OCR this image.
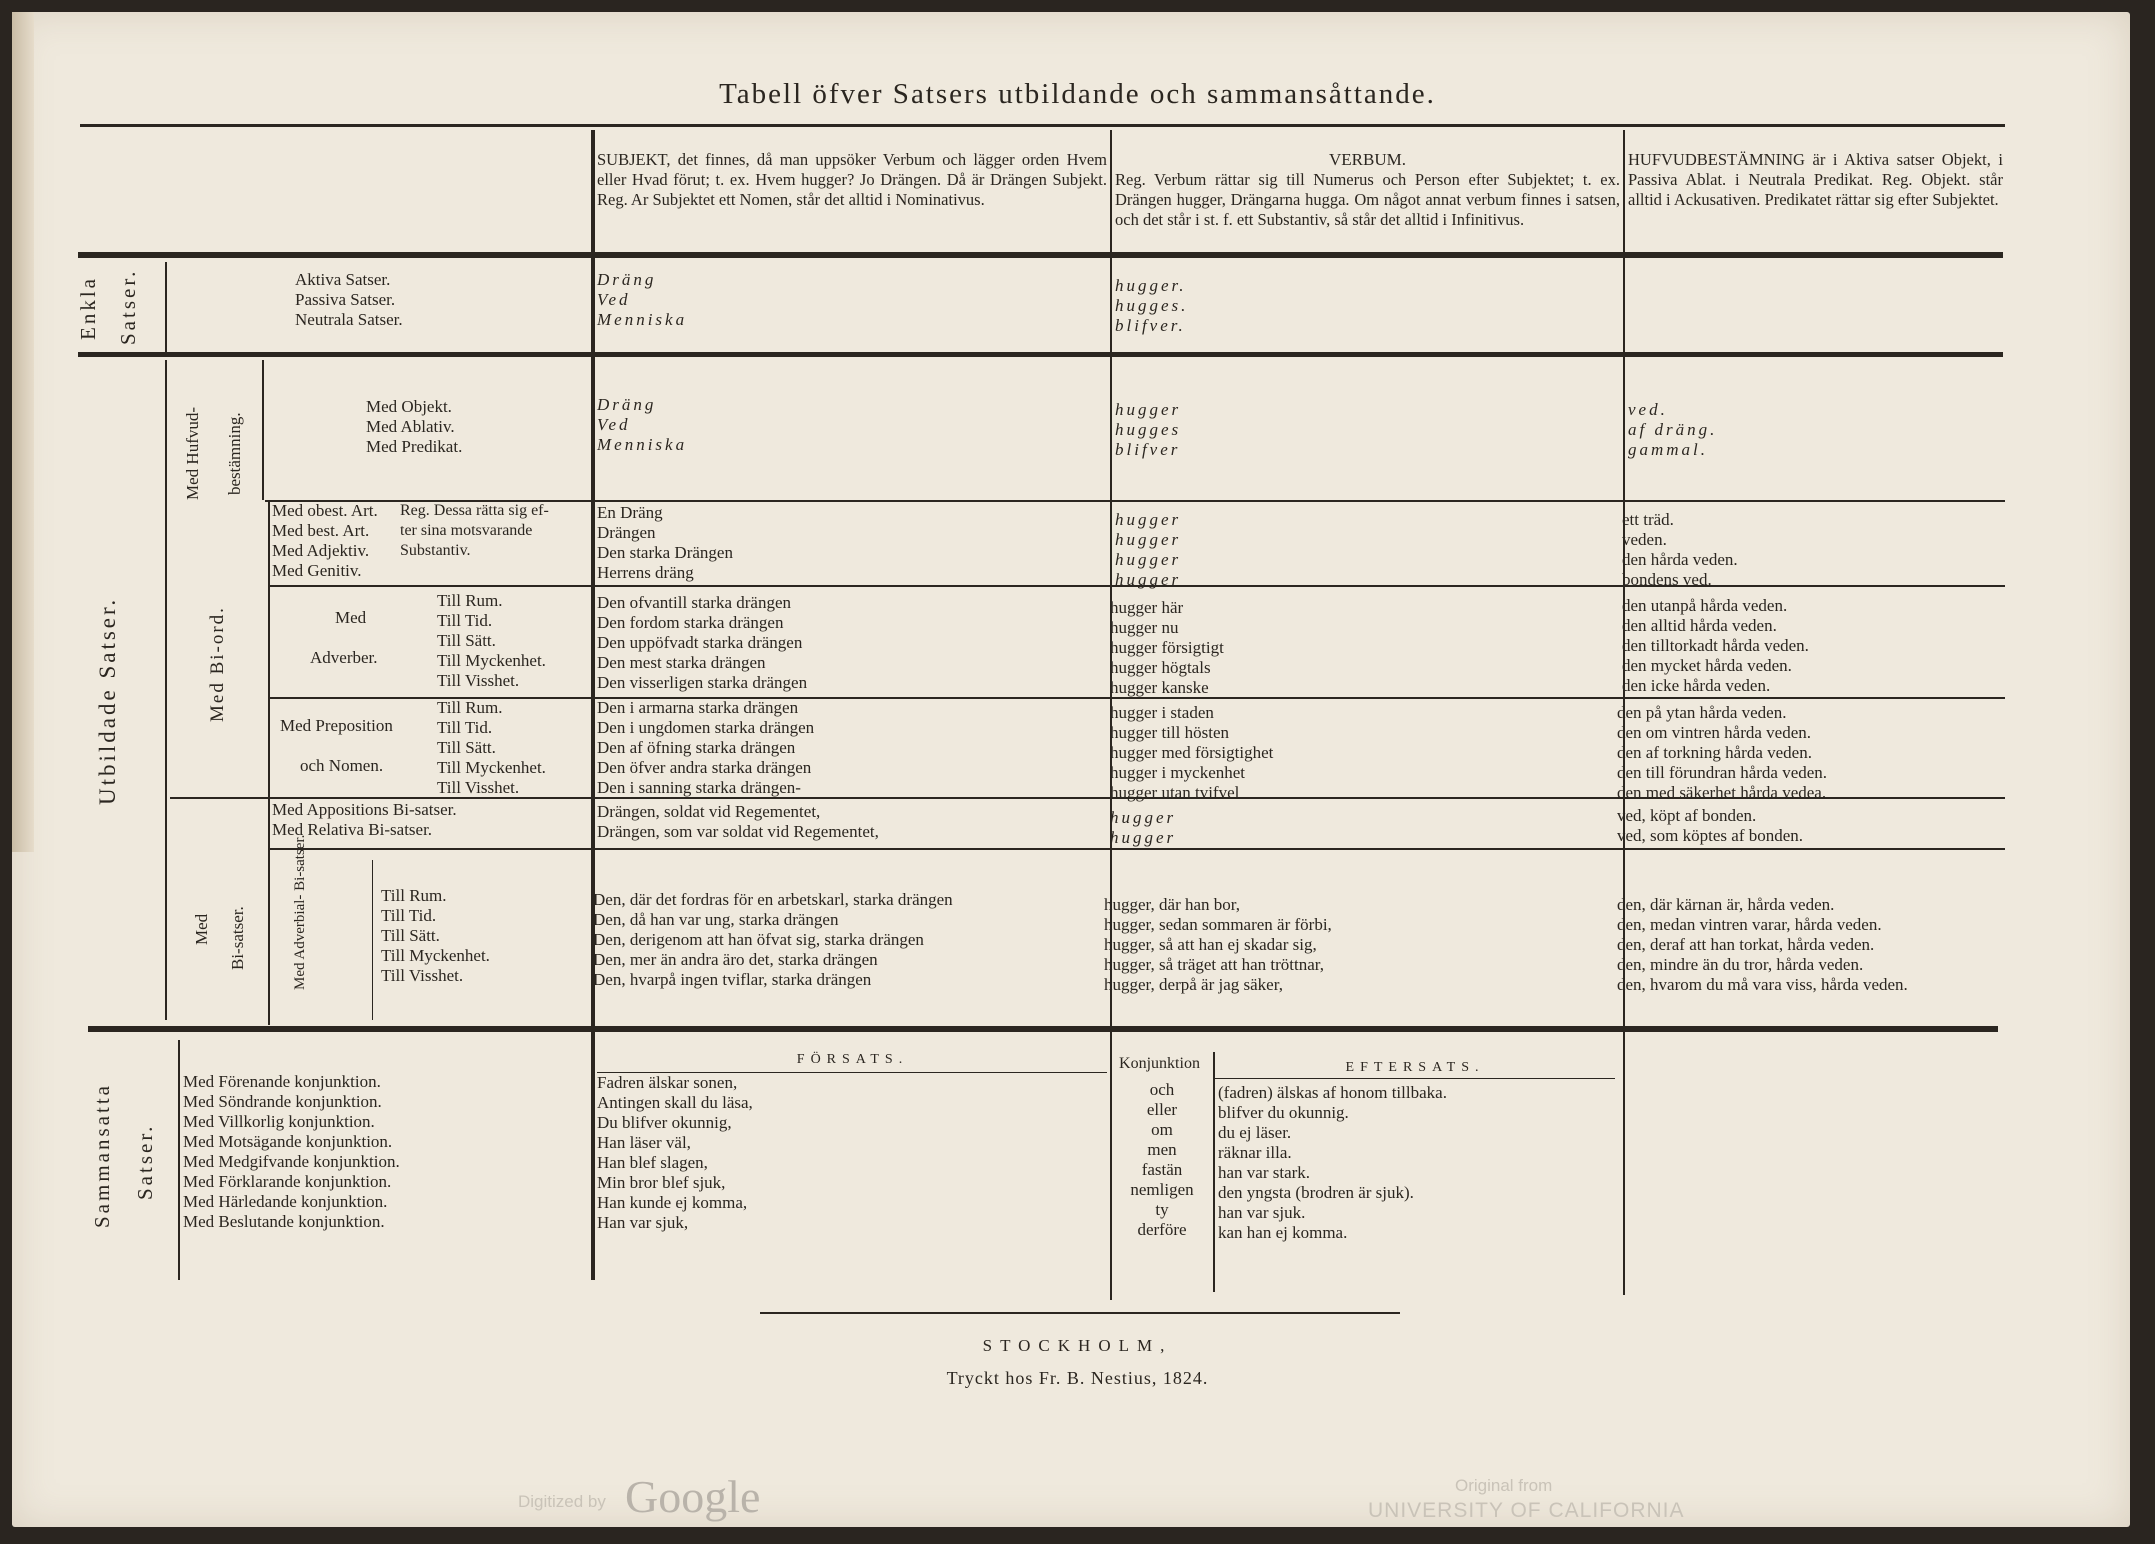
Tabell öfver Satsers utbildande och sammansåttande.
SUBJEKT, det finnes, då man uppsöker Verbum och lägger orden Hvem eller Hvad förut; t. ex. Hvem hugger? Jo Drängen. Då är Drängen Subjekt. Reg. Ar Subjektet ett Nomen, står det alltid i Nominativus.
VERBUM.
Reg. Verbum rättar sig till Numerus och Person efter Subjektet; t. ex. Drängen hugger, Drängarna hugga. Om något annat verbum finnes i satsen, och det står i st. f. ett Substantiv, så står det alltid i Infinitivus.
HUFVUDBESTÄMNING är i Aktiva satser Objekt, i Passiva Ablat. i Neutrala Predikat. Reg. Objekt. står alltid i Ackusativen. Predikatet rättar sig efter Subjektet.
Enkla Satser.
Utbildade Satser.
Med Hufvud- bestämning.
Med Bi-ord.
Med Bi-satser.
Sammansatta Satser.
Aktiva Satser.
Passiva Satser.
Neutrala Satser.
Dräng
Ved
Menniska
hugger.
hugges.
blifver.
Med Objekt.
Med Ablativ.
Med Predikat.
Dräng
Ved
Menniska
hugger
hugges
blifver
ved.
af dräng.
gammal.
Med obest. Art.
Med best. Art.
Med Adjektiv.
Med Genitiv.
Reg. Dessa rätta sig ef-
ter sina motsvarande
Substantiv.
En Dräng
Drängen
Den starka Drängen
Herrens dräng
hugger
hugger
hugger
hugger
ett träd.
veden.
den hårda veden.
bondens ved.
Med
Adverber.
Till Rum.
Till Tid.
Till Sätt.
Till Myckenhet.
Till Visshet.
Den ofvantill starka drängen
Den fordom starka drängen
Den uppöfvadt starka drängen
Den mest starka drängen
Den visserligen starka drängen
hugger här
hugger nu
hugger försigtigt
hugger högtals
hugger kanske
den utanpå hårda veden.
den alltid hårda veden.
den tilltorkadt hårda veden.
den mycket hårda veden.
den icke hårda veden.
Med Preposition
och Nomen.
Till Rum.
Till Tid.
Till Sätt.
Till Myckenhet.
Till Visshet.
Den i armarna starka drängen
Den i ungdomen starka drängen
Den af öfning starka drängen
Den öfver andra starka drängen
Den i sanning starka drängen-
hugger i staden
hugger till hösten
hugger med försigtighet
hugger i myckenhet
hugger utan tvifvel
den på ytan hårda veden.
den om vintren hårda veden.
den af torkning hårda veden.
den till förundran hårda veden.
den med säkerhet hårda vedea.
Med Appositions Bi-satser.
Med Relativa Bi-satser.
Drängen, soldat vid Regementet,
Drängen, som var soldat vid Regementet,
hugger
hugger
ved, köpt af bonden.
ved, som köptes af bonden.
Med Adverbial- Bi-satser.	Till Rum.
Till Tid.
Till Sätt.
Till Myckenhet.
Till Visshet.
Den, där det fordras för en arbetskarl, starka drängen
Den, då han var ung, starka drängen
Den, derigenom att han öfvat sig, starka drängen
Den, mer än andra äro det, starka drängen
Den, hvarpå ingen tviflar, starka drängen
hugger, där han bor,
hugger, sedan sommaren är förbi,
hugger, så att han ej skadar sig,
hugger, så träget att han tröttnar,
hugger, derpå är jag säker,
den, där kärnan är, hårda veden.
den, medan vintren varar, hårda veden.
den, deraf att han torkat, hårda veden.
den, mindre än du tror, hårda veden.
den, hvarom du må vara viss, hårda veden.
Med Förenande konjunktion.
Med Söndrande konjunktion.
Med Villkorlig konjunktion.
Med Motsägande konjunktion.
Med Medgifvande konjunktion.
Med Förklarande konjunktion.
Med Härledande konjunktion.
Med Beslutande konjunktion.
FÖRSATS.
Fadren älskar sonen,
Antingen skall du läsa,
Du blifver okunnig,
Han läser väl,
Han blef slagen,
Min bror blef sjuk,
Han kunde ej komma,
Han var sjuk,
Konjunktion
och
eller
om
men
fastän
nemligen
ty
derföre
EFTERSATS.
(fadren) älskas af honom tillbaka.
blifver du okunnig.
du ej läser.
räknar illa.
han var stark.
den yngsta (brodren är sjuk).
han var sjuk.
kan han ej komma.
STOCKHOLM,
Tryckt hos Fr. B. Nestius, 1824.
Digitized by Google	Original from
UNIVERSITY OF CALIFORNIA
